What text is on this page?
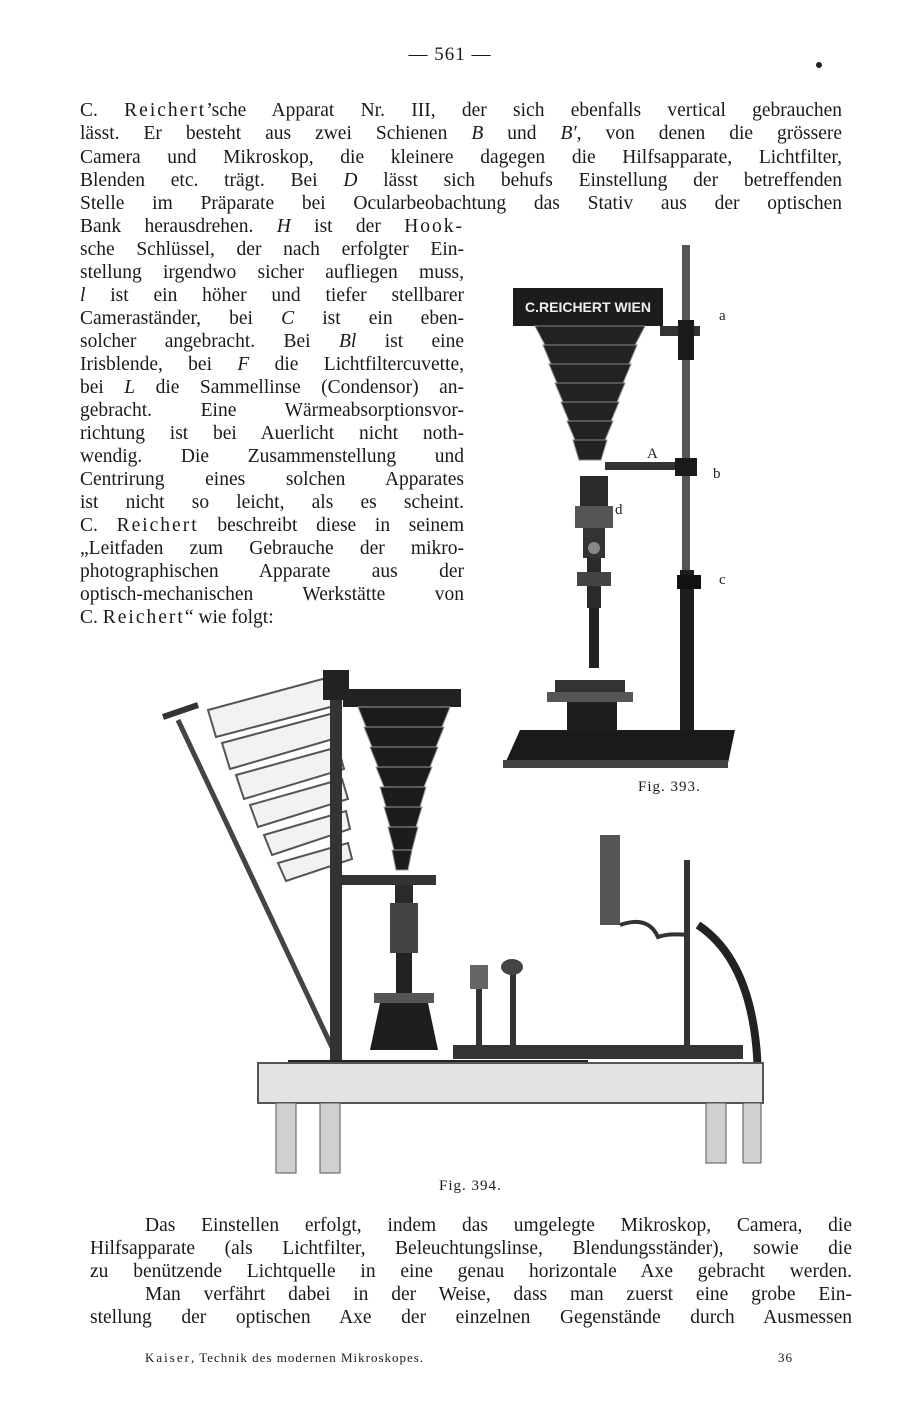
— 561 —
C. Reichert’sche Apparat Nr. III, der sich ebenfalls vertical gebrauchen
lässt. Er besteht aus zwei Schienen B und B′, von denen die grössere
Camera und Mikroskop, die kleinere dagegen die Hilfsapparate, Lichtfilter,
Blenden etc. trägt. Bei D lässt sich behufs Einstellung der betreffenden
Stelle im Präparate bei Ocularbeobachtung das Stativ aus der optischen
Bank herausdrehen. H ist der Hook-
sche Schlüssel, der nach erfolgter Ein-
stellung irgendwo sicher aufliegen muss,
l ist ein höher und tiefer stellbarer
Cameraständer, bei C ist ein eben-
solcher angebracht. Bei Bl ist eine
Irisblende, bei F die Lichtfiltercuvette,
bei L die Sammellinse (Condensor) an-
gebracht. Eine Wärmeabsorptionsvor-
richtung ist bei Auerlicht nicht noth-
wendig. Die Zusammenstellung und
Centrirung eines solchen Apparates
ist nicht so leicht, als es scheint.
C. Reichert beschreibt diese in seinem
„Leitfaden zum Gebrauche der mikro-
photographischen Apparate aus der
optisch-mechanischen Werkstätte von
C. Reichert“ wie folgt:
C.REICHERT WIEN
a
A
b
d
c
Fig. 393.
Fig. 394.
Das Einstellen erfolgt, indem das umgelegte Mikroskop, Camera, die
Hilfsapparate (als Lichtfilter, Beleuchtungslinse, Blendungsständer), sowie die
zu benützende Lichtquelle in eine genau horizontale Axe gebracht werden.
Man verfährt dabei in der Weise, dass man zuerst eine grobe Ein-
stellung der optischen Axe der einzelnen Gegenstände durch Ausmessen
Kaiser, Technik des modernen Mikroskopes.	36
